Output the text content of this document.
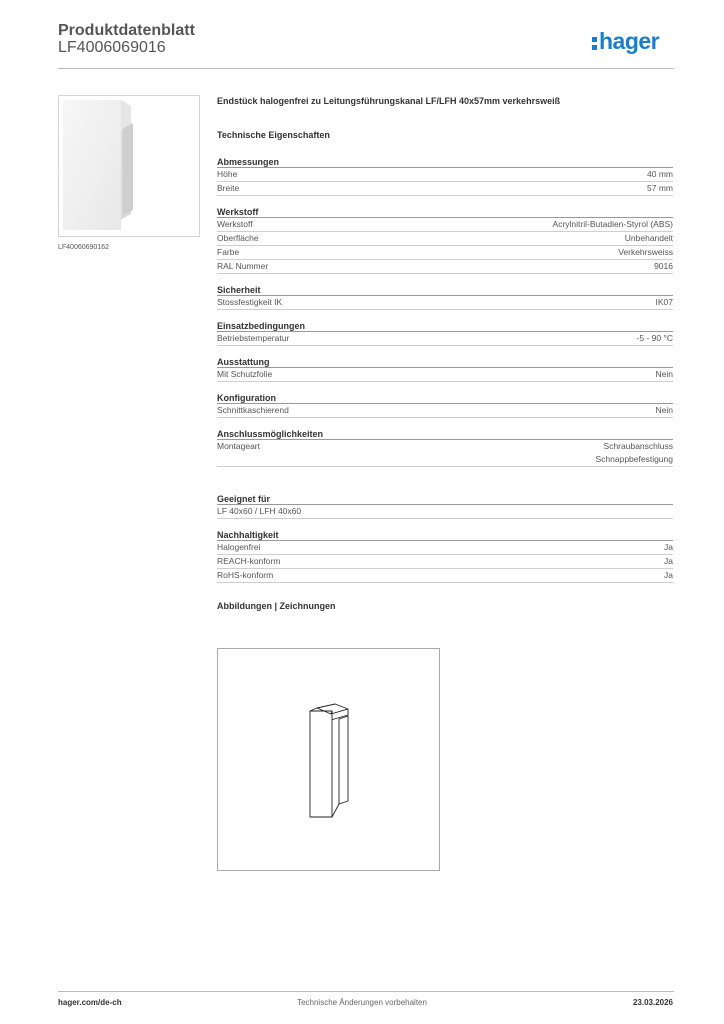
Produktdatenblatt
LF4006069016	hager
LF40060690162
Endstück halogenfrei zu Leitungsführungskanal LF/LFH 40x57mm verkehrsweiß
Technische Eigenschaften
Abmessungen
Höhe	40 mm
Breite	57 mm
Werkstoff
Werkstoff	Acrylnitril-Butadien-Styrol (ABS)
Oberfläche	Unbehandelt
Farbe	Verkehrsweiss
RAL Nummer	9016
Sicherheit
Stossfestigkeit IK	IK07
Einsatzbedingungen
Betriebstemperatur	-5 - 90 °C
Ausstattung
Mit Schutzfolie	Nein
Konfiguration
Schnittkaschierend	Nein
Anschlussmöglichkeiten
Montageart	Schraubanschluss
Schnappbefestigung
Geeignet für
LF 40x60 / LFH 40x60
Nachhaltigkeit
Halogenfrei	Ja
REACH-konform	Ja
RoHS-konform	Ja
Abbildungen | Zeichnungen
hager.com/de-ch	Technische Änderungen vorbehalten	23.03.2026
